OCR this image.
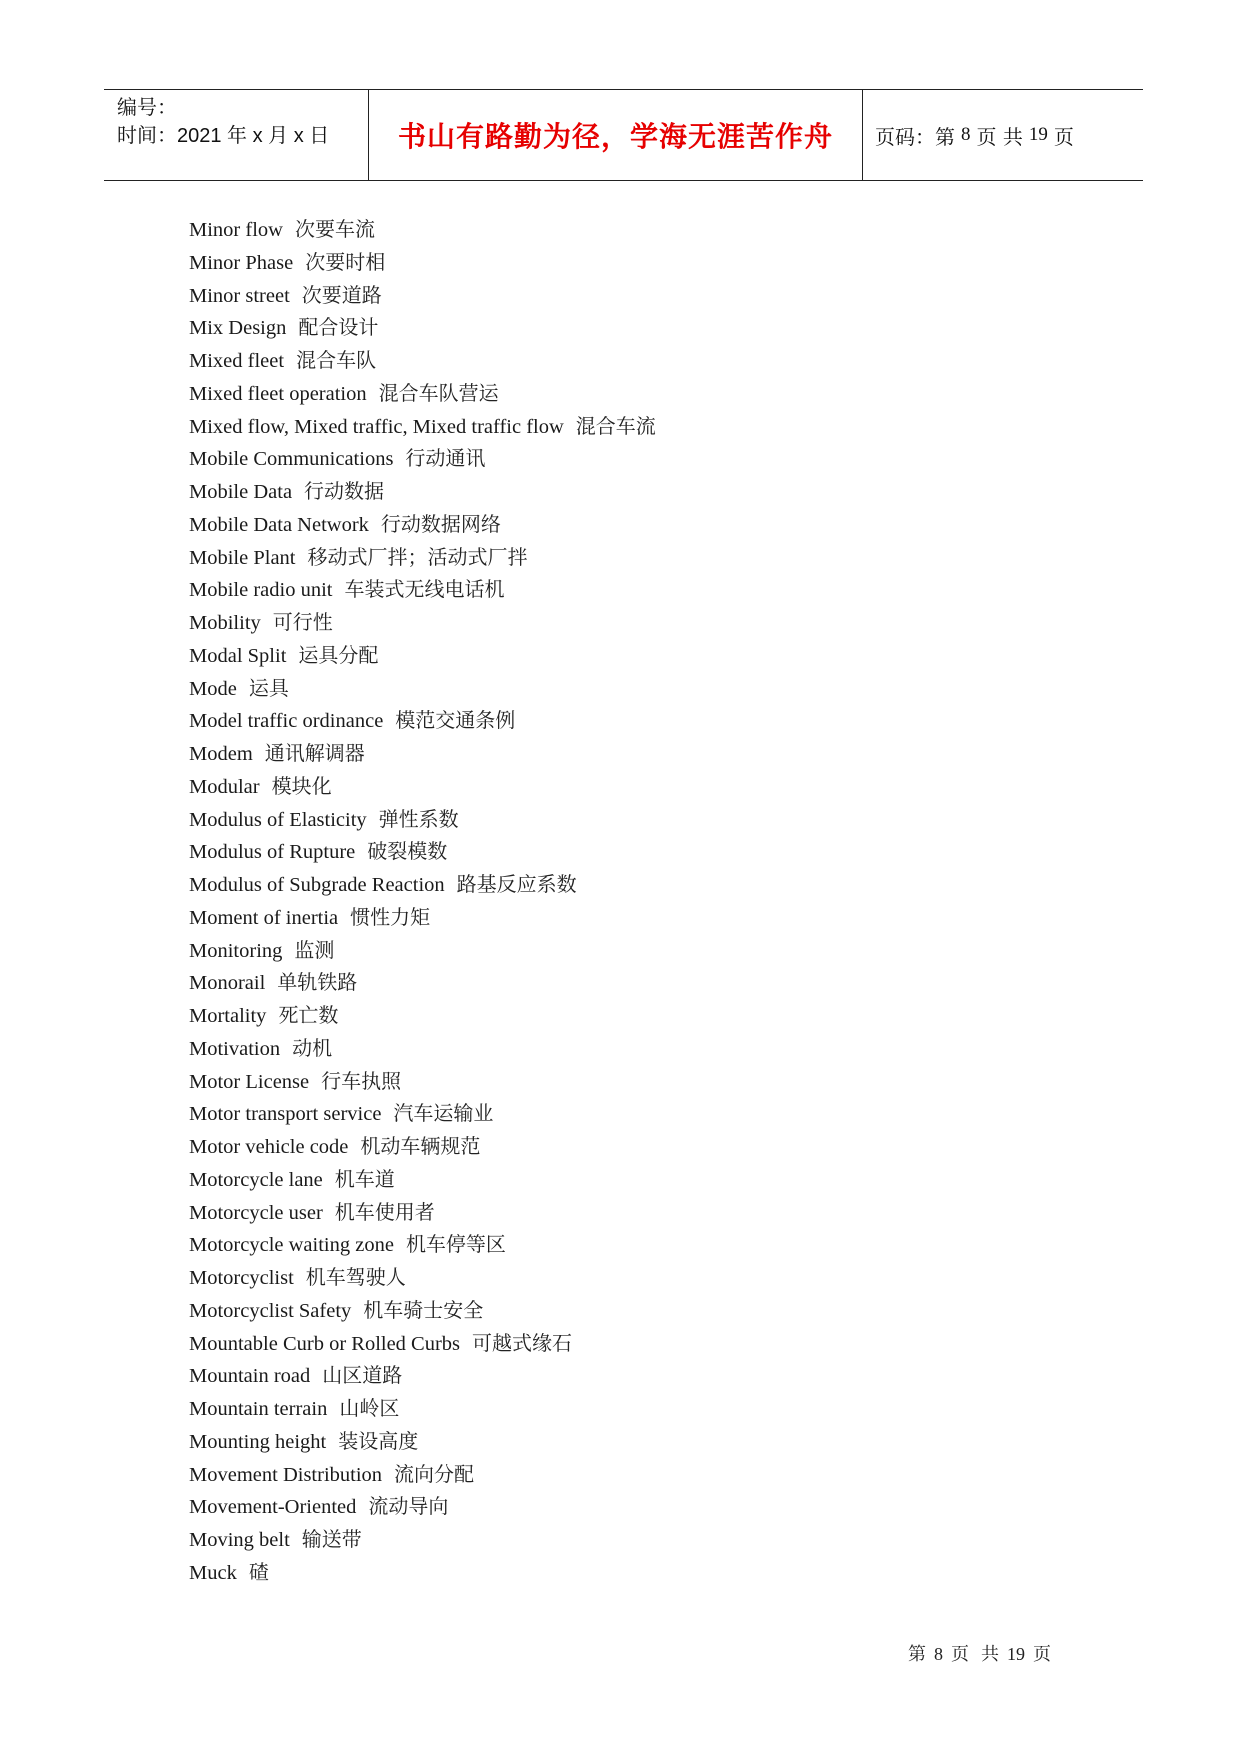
编号：
时间：2021 年 x 月 x 日	书山有路勤为径，学海无涯苦作舟	页码：第 8 页 共 19 页
Minor flow 次要车流
Minor Phase 次要时相
Minor street 次要道路
Mix Design 配合设计
Mixed fleet 混合车队
Mixed fleet operation 混合车队营运
Mixed flow, Mixed traffic, Mixed traffic flow 混合车流
Mobile Communications 行动通讯
Mobile Data 行动数据
Mobile Data Network 行动数据网络
Mobile Plant 移动式厂拌；活动式厂拌
Mobile radio unit 车装式无线电话机
Mobility 可行性
Modal Split 运具分配
Mode 运具
Model traffic ordinance 模范交通条例
Modem 通讯解调器
Modular 模块化
Modulus of Elasticity 弹性系数
Modulus of Rupture 破裂模数
Modulus of Subgrade Reaction 路基反应系数
Moment of inertia 惯性力矩
Monitoring 监测
Monorail 单轨铁路
Mortality 死亡数
Motivation 动机
Motor License 行车执照
Motor transport service 汽车运输业
Motor vehicle code 机动车辆规范
Motorcycle lane 机车道
Motorcycle user 机车使用者
Motorcycle waiting zone 机车停等区
Motorcyclist 机车驾驶人
Motorcyclist Safety 机车骑士安全
Mountable Curb or Rolled Curbs 可越式缘石
Mountain road 山区道路
Mountain terrain 山岭区
Mounting height 装设高度
Movement Distribution 流向分配
Movement-Oriented 流动导向
Moving belt 输送带
Muck 碴
第 8 页 共 19 页
